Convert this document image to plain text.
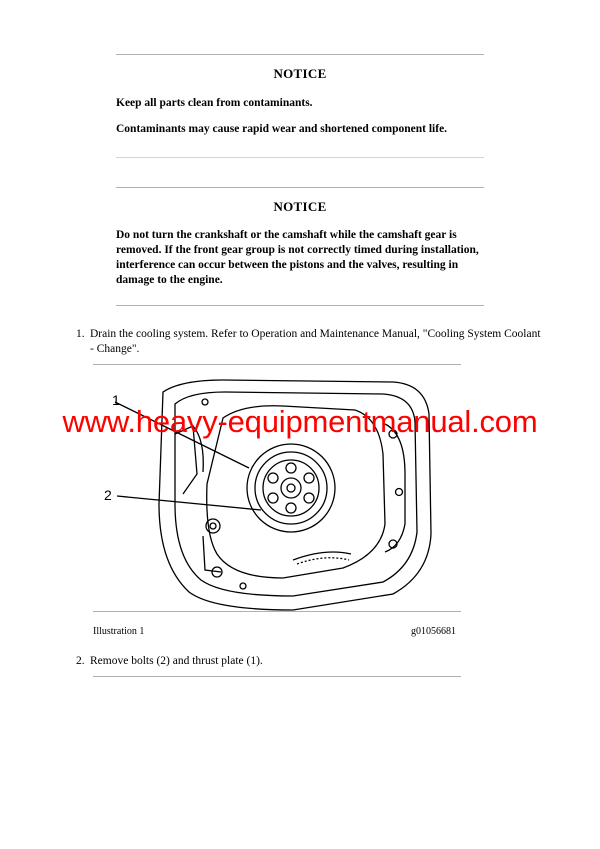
NOTICE
Keep all parts clean from contaminants.
Contaminants may cause rapid wear and shortened component life.
NOTICE
Do not turn the crankshaft or the camshaft while the camshaft gear is removed. If the front gear group is not correctly timed during installation, interference can occur between the pistons and the valves, resulting in damage to the engine.
1. Drain the cooling system. Refer to Operation and Maintenance Manual, "Cooling System Coolant - Change".
1
2
www.heavy-equipmentmanual.com
Illustration 1	g01056681
2. Remove bolts (2) and thrust plate (1).
